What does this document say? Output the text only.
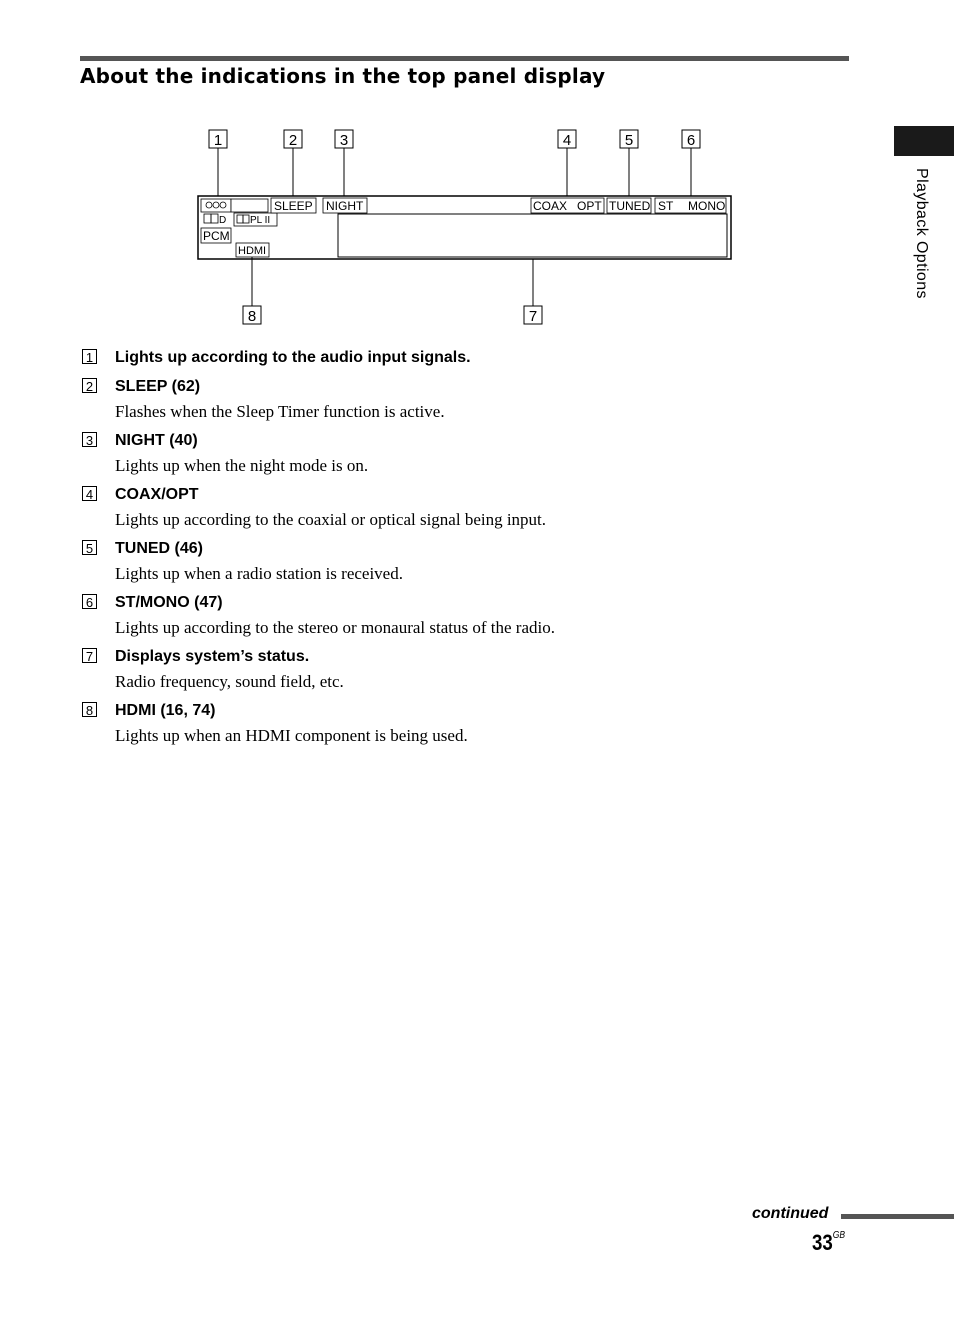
About the indications in the top panel display
Playback Options
1	2	3	4	5	6
D PL II
PCM
HDMI
SLEEP NIGHT	COAX OPT TUNED ST MONO
8	7
1 Lights up according to the audio input signals.
2 SLEEP (62)
Flashes when the Sleep Timer function is active.
3 NIGHT (40)
Lights up when the night mode is on.
4 COAX/OPT
Lights up according to the coaxial or optical signal being input.
5 TUNED (46)
Lights up when a radio station is received.
6 ST/MONO (47)
Lights up according to the stereo or monaural status of the radio.
7 Displays system’s status.
Radio frequency, sound field, etc.
8 HDMI (16, 74)
Lights up when an HDMI component is being used.
continued
$33^{GB}$
